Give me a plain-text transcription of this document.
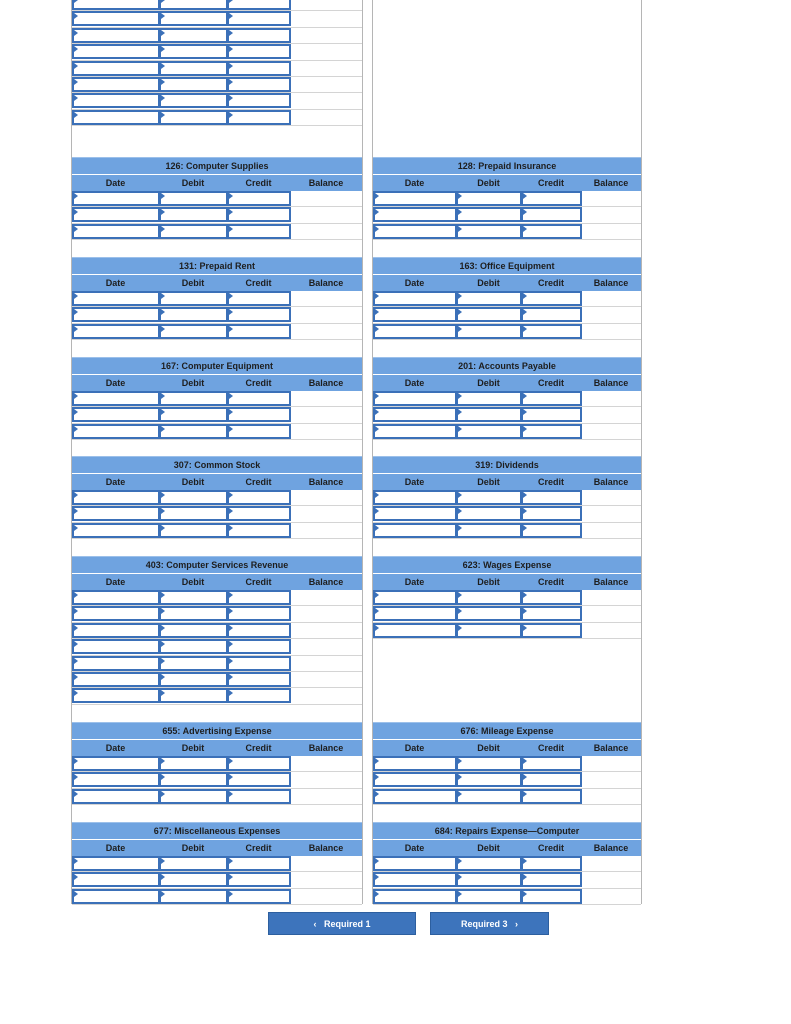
126: Computer Supplies
Date	Debit	Credit	Balance
128: Prepaid Insurance
Date	Debit	Credit	Balance
131: Prepaid Rent
Date	Debit	Credit	Balance
163: Office Equipment
Date	Debit	Credit	Balance
167: Computer Equipment
Date	Debit	Credit	Balance
201: Accounts Payable
Date	Debit	Credit	Balance
307: Common Stock
Date	Debit	Credit	Balance
319: Dividends
Date	Debit	Credit	Balance
403: Computer Services Revenue
Date	Debit	Credit	Balance
623: Wages Expense
Date	Debit	Credit	Balance
655: Advertising Expense
Date	Debit	Credit	Balance
676: Mileage Expense
Date	Debit	Credit	Balance
677: Miscellaneous Expenses
Date	Debit	Credit	Balance
684: Repairs Expense—Computer
Date	Debit	Credit	Balance
‹ Required 1	Required 3 ›
